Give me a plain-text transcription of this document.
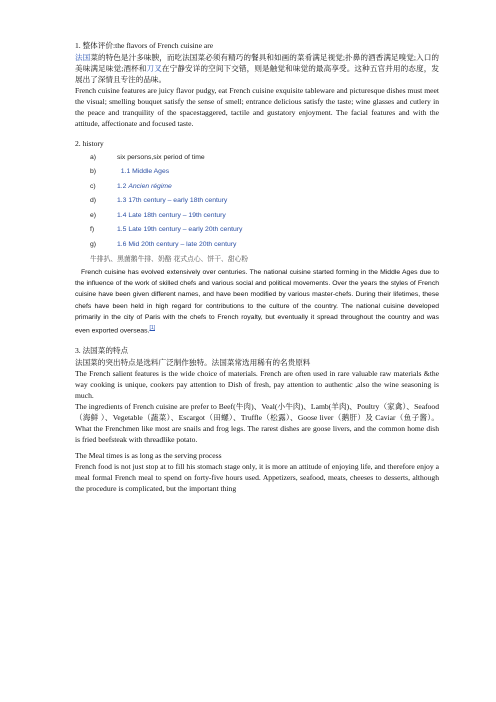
1. 整体评价:the flavors of French cuisine are

法国菜的特色是汁多味腴，而吃法国菜必须有精巧的餐具和如画的菜肴满足视觉;扑鼻的酒香满足嗅觉;入口的美味满足味觉;酒杯和刀叉在宁静安详的空间下交错，则是触觉和味觉的最高享受。这种五官并用的态度，发展出了深情且专注的品味。

French cuisine features are juicy flavor pudgy, eat French cuisine exquisite tableware and picturesque dishes must meet the visual; smelling bouquet satisfy the sense of smell; entrance delicious satisfy the taste; wine glasses and cutlery in the peace and tranquility of the spacestaggered, tactile and gustatory enjoyment. The facial features and with the attitude, affectionate and focused taste.

2. history
a)	six persons,six period of time
b)	1.1 Middle Ages
c)	1.2 Ancien régime
d)	1.3 17th century – early 18th century
e)	1.4 Late 18th century – 19th century
f)	1.5 Late 19th century – early 20th century
g)	1.6 Mid 20th century – late 20th century
牛排扒、黑菌鹅牛排、奶酪 花式点心、饼干、甜心粉

French cuisine has evolved extensively over centuries. The national cuisine started forming in the Middle Ages due to the influence of the work of skilled chefs and various social and political movements. Over the years the styles of French cuisine have been given different names, and have been modified by various master-chefs. During their lifetimes, these chefs have been held in high regard for contributions to the culture of the country. The national cuisine developed primarily in the city of Paris with the chefs to French royalty, but eventually it spread throughout the country and was even exported overseas.[1]

3. 法国菜的特点

法国菜的突出特点是选料广泛制作独特。法国菜常选用稀有的名贵原料

The French salient features is the wide choice of materials. French are often used in rare valuable raw materials &the way cooking is unique, cookers pay attention to Dish of fresh, pay attention to authentic ,also the wine seasoning is much.

The ingredients of French cuisine are prefer to Beef(牛肉)、Veal(小牛肉)、Lamb(羊肉)、Poultry（家禽）、Seafood（海鲜 ）、Vegetable（蔬菜）、Escargot（田螺）、Truffle（松露）、Goose liver（鹅肝）及 Caviar（鱼子酱）。 What the Frenchmen like most are snails and frog legs. The rarest dishes are goose livers, and the common home dish is fried beefsteak with threadlike potato.

The Meal times is as long as the serving process

French food is not just stop at to fill his stomach stage only, it is more an attitude of enjoying life, and therefore enjoy a meal formal French meal to spend on forty-five hours used. Appetizers, seafood, meats, cheeses to desserts, although the procedure is complicated, but the important thing
